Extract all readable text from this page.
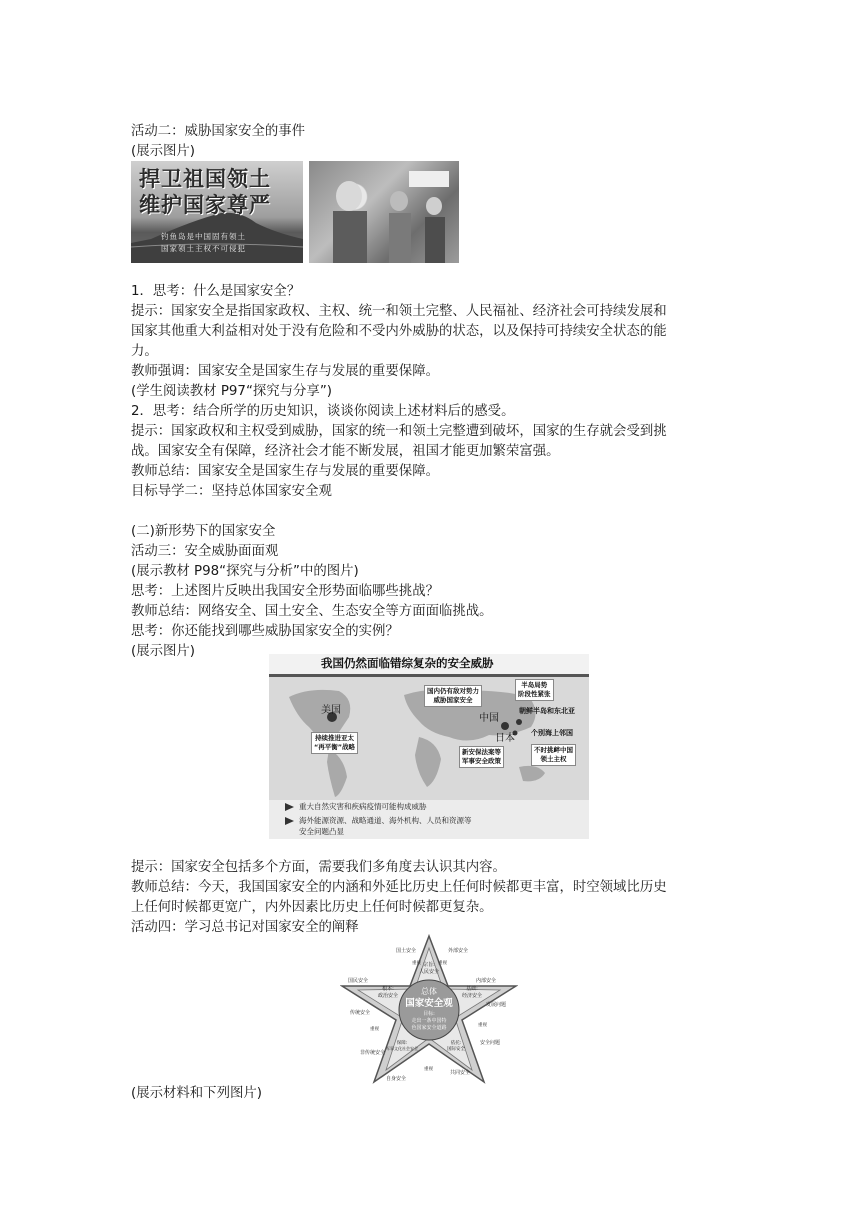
活动二：威胁国家安全的事件
(展示图片)
捍卫祖国领土
维护国家尊严
钓鱼岛是中国固有领土
国家领土主权不可侵犯
1．思考：什么是国家安全？
提示：国家安全是指国家政权、主权、统一和领土完整、人民福祉、经济社会可持续发展和
国家其他重大利益相对处于没有危险和不受内外威胁的状态，以及保持可持续安全状态的能
力。
教师强调：国家安全是国家生存与发展的重要保障。
(学生阅读教材 P97“探究与分享”)
2．思考：结合所学的历史知识，谈谈你阅读上述材料后的感受。
提示：国家政权和主权受到威胁，国家的统一和领土完整遭到破坏，国家的生存就会受到挑
战。国家安全有保障，经济社会才能不断发展，祖国才能更加繁荣富强。
教师总结：国家安全是国家生存与发展的重要保障。
目标导学二：坚持总体国家安全观
(二)新形势下的国家安全
活动三：安全威胁面面观
(展示教材 P98“探究与分析”中的图片)
思考：上述图片反映出我国安全形势面临哪些挑战？
教师总结：网络安全、国土安全、生态安全等方面面临挑战。
思考：你还能找到哪些威胁国家安全的实例？
(展示图片)
我国仍然面临错综复杂的安全威胁
国内仍有敌对势力
威胁国家安全
半岛局势
阶段性紧张
朝鲜半岛和东北亚
个别海上邻国
持续推进亚太
“再平衡”战略
新安保法案等
军事安全政策
不时挑衅中国
领土主权
美国
中国
日本
重大自然灾害和疾病疫情可能构成威胁
海外能源资源、战略通道、海外机构、人员和资源等
安全问题凸显
提示：国家安全包括多个方面，需要我们多角度去认识其内容。
教师总结：今天，我国国家安全的内涵和外延比历史上任何时候都更丰富，时空领域比历史
上任何时候都更宽广，内外因素比历史上任何时候都更复杂。
活动四：学习总书记对国家安全的阐释
总体
国家安全观
目标:
走出一条中国特
色国家安全道路
宗旨:
人民安全
根本:
政治安全
基础:
经济安全
保障:
军事文化社会安全
依托:
国际安全
外部安全
内部安全
发展问题
安全问题
共同安全
自身安全
非传统安全
传统安全
国民安全
国土安全
重视	重视
重视
重视
重视
(展示材料和下列图片)
